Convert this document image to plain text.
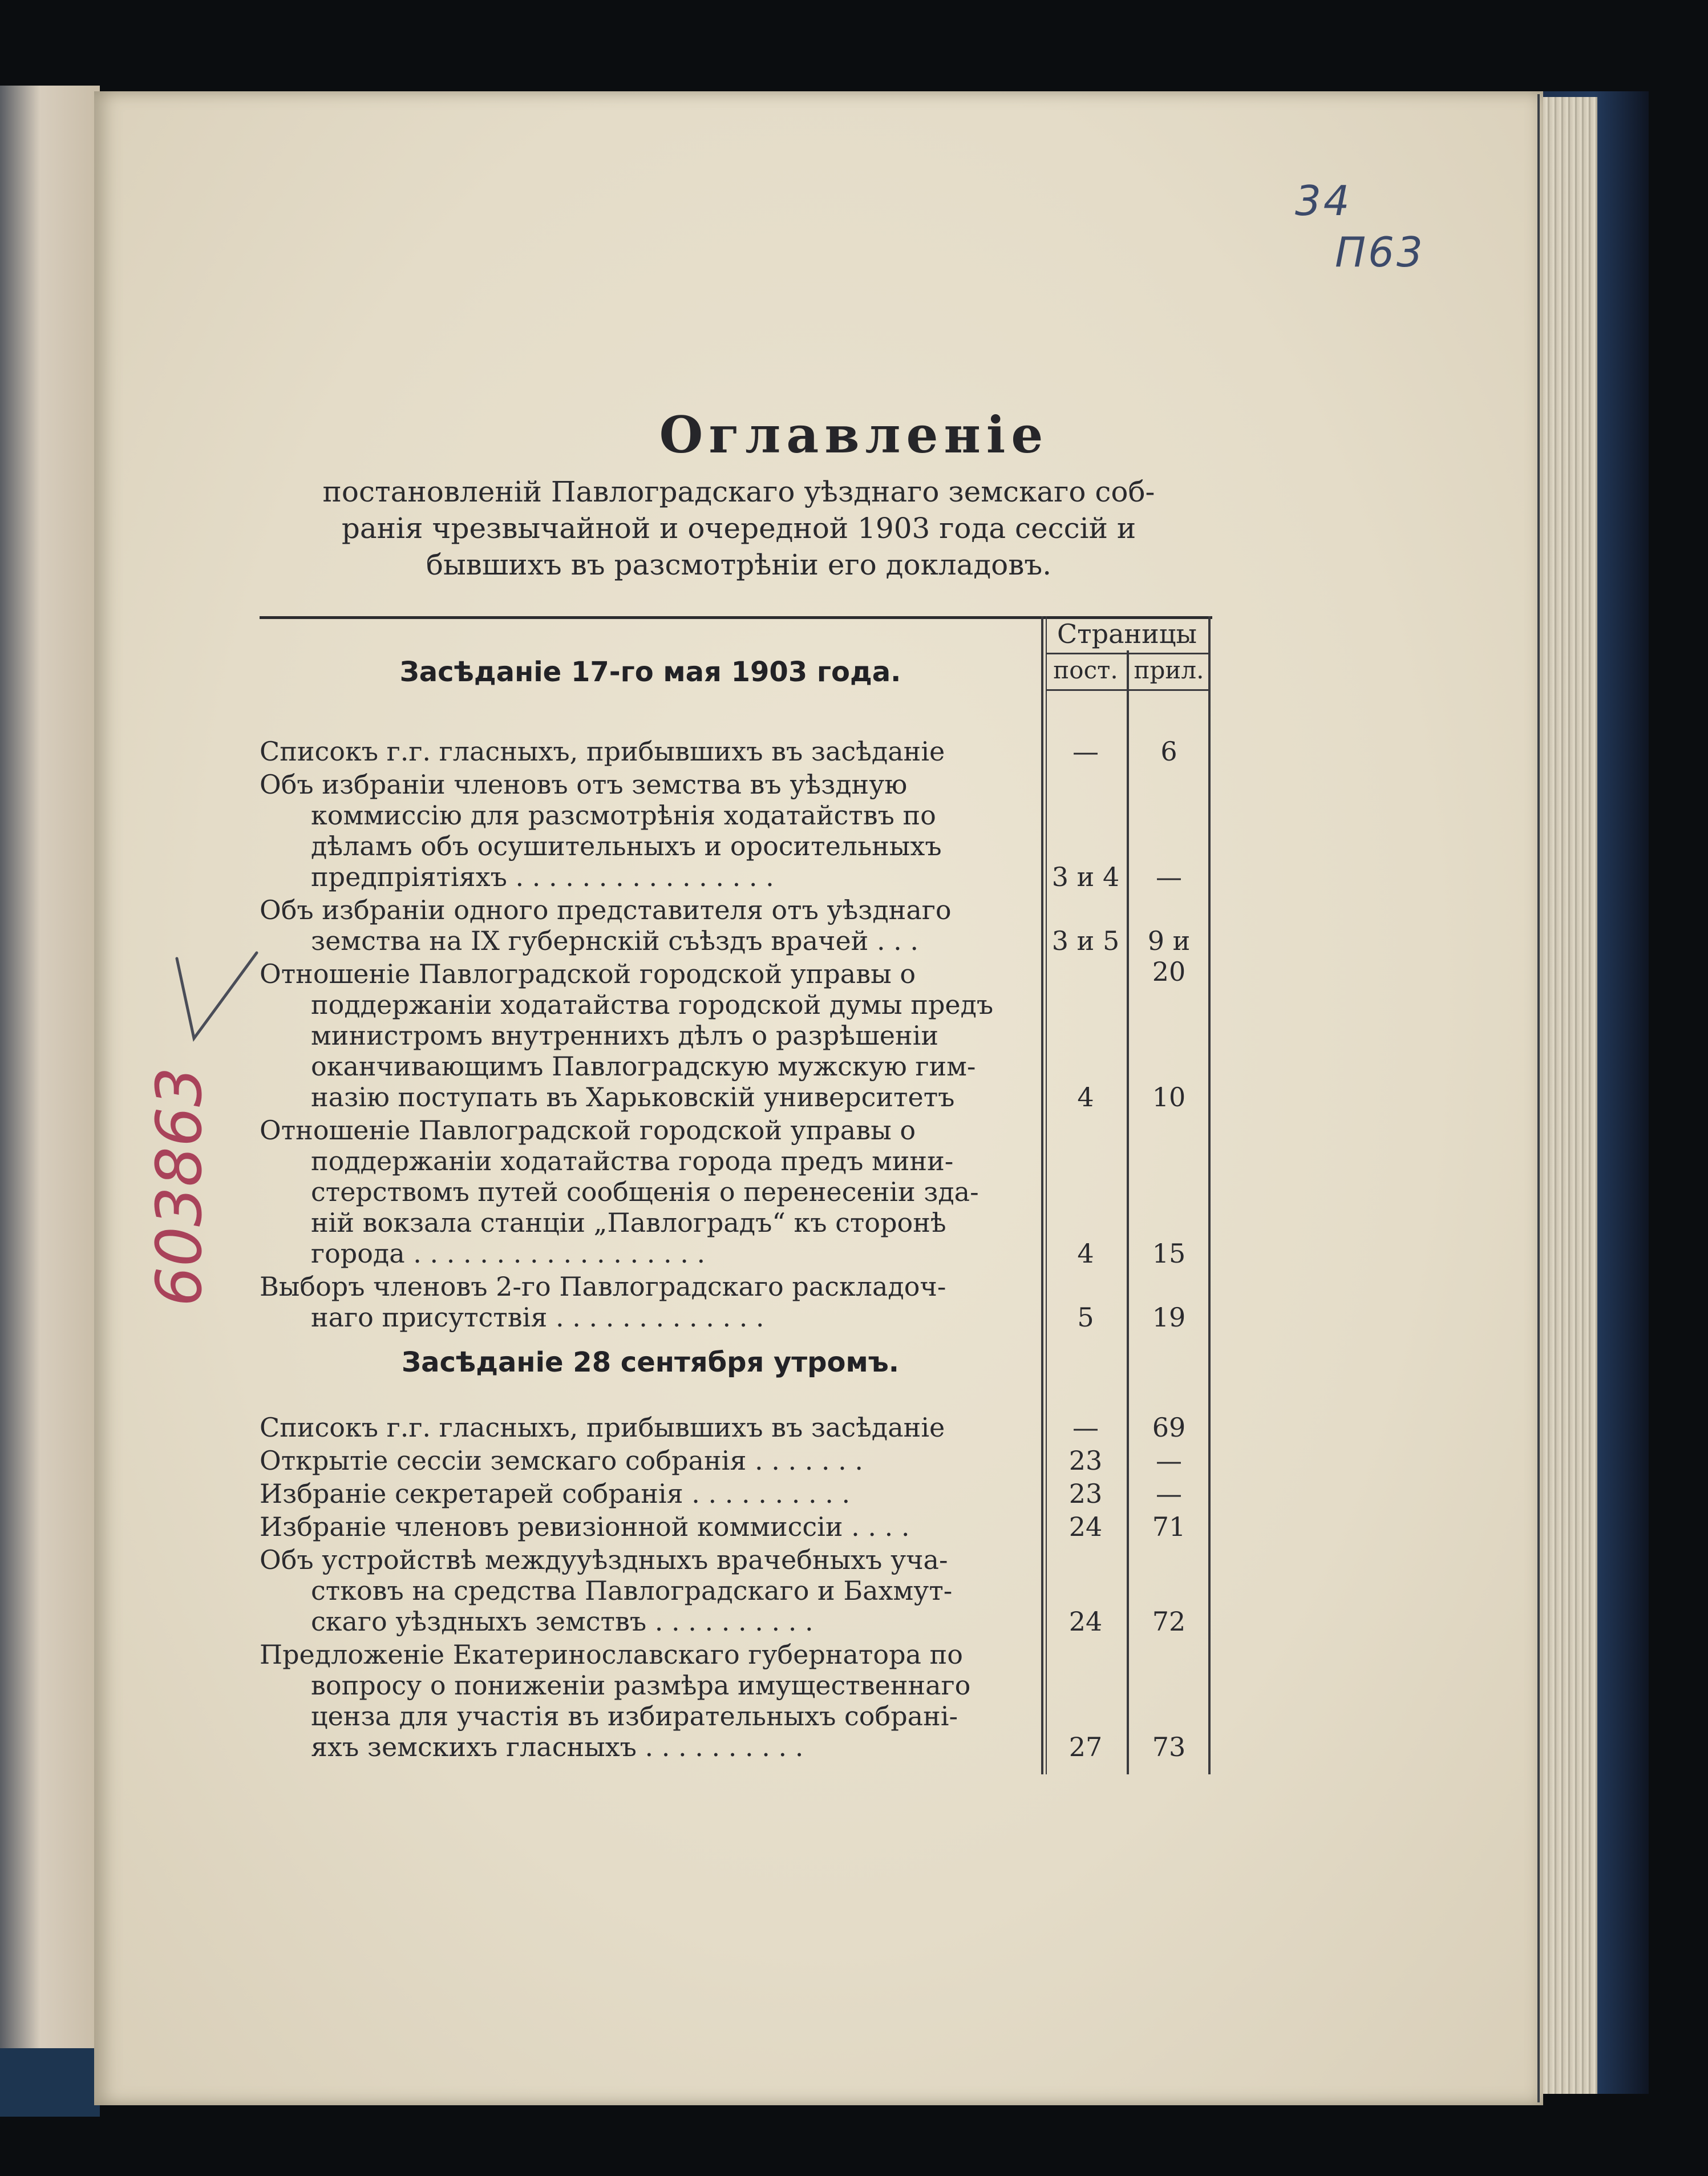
34
П63
603863
Оглавленіе
постановленій Павлоградскаго уѣзднаго земскаго соб-
ранія чрезвычайной и очередной 1903 года сессій и
бывшихъ въ разсмотрѣніи его докладовъ.
Страницы
пост. прил.
Засѣданіе 17-го мая 1903 года.
Списокъ г.г. гласныхъ, прибывшихъ въ засѣданіе	—	6
Объ избраніи членовъ отъ земства въ уѣздную
коммиссію для разсмотрѣнія ходатайствъ по
дѣламъ объ осушительныхъ и оросительныхъ
предпріятіяхъ . . . . . . . . . . . . . . . .	3 и 4	—
Объ избраніи одного представителя отъ уѣзднаго
земства на IX губернскій съѣздъ врачей . . .	3 и 5	9 и 20
Отношеніе Павлоградской городской управы о
поддержаніи ходатайства городской думы предъ
министромъ внутреннихъ дѣлъ о разрѣшеніи
оканчивающимъ Павлоградскую мужскую гим-
назію поступать въ Харьковскій университетъ	4	10
Отношеніе Павлоградской городской управы о
поддержаніи ходатайства города предъ мини-
стерствомъ путей сообщенія о перенесеніи зда-
ній вокзала станціи „Павлоградъ“ къ сторонѣ
города . . . . . . . . . . . . . . . . . .	4	15
Выборъ членовъ 2-го Павлоградскаго раскладоч-
наго присутствія . . . . . . . . . . . . .	5	19
Засѣданіе 28 сентября утромъ.
Списокъ г.г. гласныхъ, прибывшихъ въ засѣданіе	—	69
Открытіе сессіи земскаго собранія . . . . . . .	23	—
Избраніе секретарей собранія . . . . . . . . . .	23	—
Избраніе членовъ ревизіонной коммиссіи . . . .	24	71
Объ устройствѣ междууѣздныхъ врачебныхъ уча-
стковъ на средства Павлоградскаго и Бахмут-
скаго уѣздныхъ земствъ . . . . . . . . . .	24	72
Предложеніе Екатеринославскаго губернатора по
вопросу о пониженіи размѣра имущественнаго
ценза для участія въ избирательныхъ собрані-
яхъ земскихъ гласныхъ . . . . . . . . . .	27	73
